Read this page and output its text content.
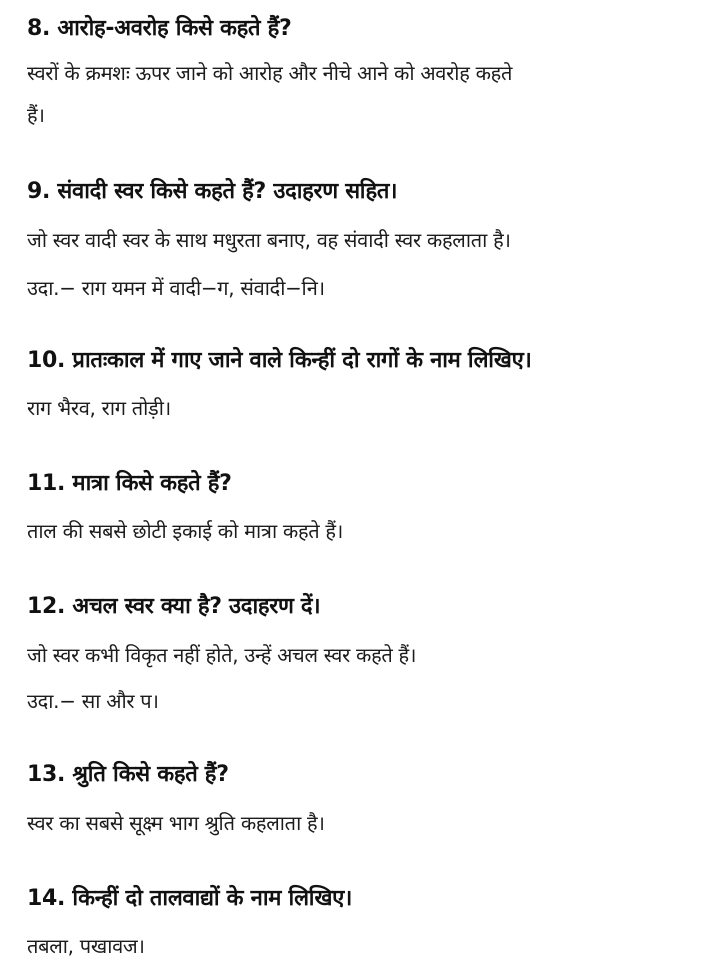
8. आरोह-अवरोह किसे कहते हैं?
स्वरों के क्रमशः ऊपर जाने को आरोह और नीचे आने को अवरोह कहते
हैं।
9. संवादी स्वर किसे कहते हैं? उदाहरण सहित।
जो स्वर वादी स्वर के साथ मधुरता बनाए, वह संवादी स्वर कहलाता है।
उदा.− राग यमन में वादी−ग, संवादी−नि।
10. प्रातःकाल में गाए जाने वाले किन्हीं दो रागों के नाम लिखिए।
राग भैरव, राग तोड़ी।
11. मात्रा किसे कहते हैं?
ताल की सबसे छोटी इकाई को मात्रा कहते हैं।
12. अचल स्वर क्या है? उदाहरण दें।
जो स्वर कभी विकृत नहीं होते, उन्हें अचल स्वर कहते हैं।
उदा.− सा और प।
13. श्रुति किसे कहते हैं?
स्वर का सबसे सूक्ष्म भाग श्रुति कहलाता है।
14. किन्हीं दो तालवाद्यों के नाम लिखिए।
तबला, पखावज।
